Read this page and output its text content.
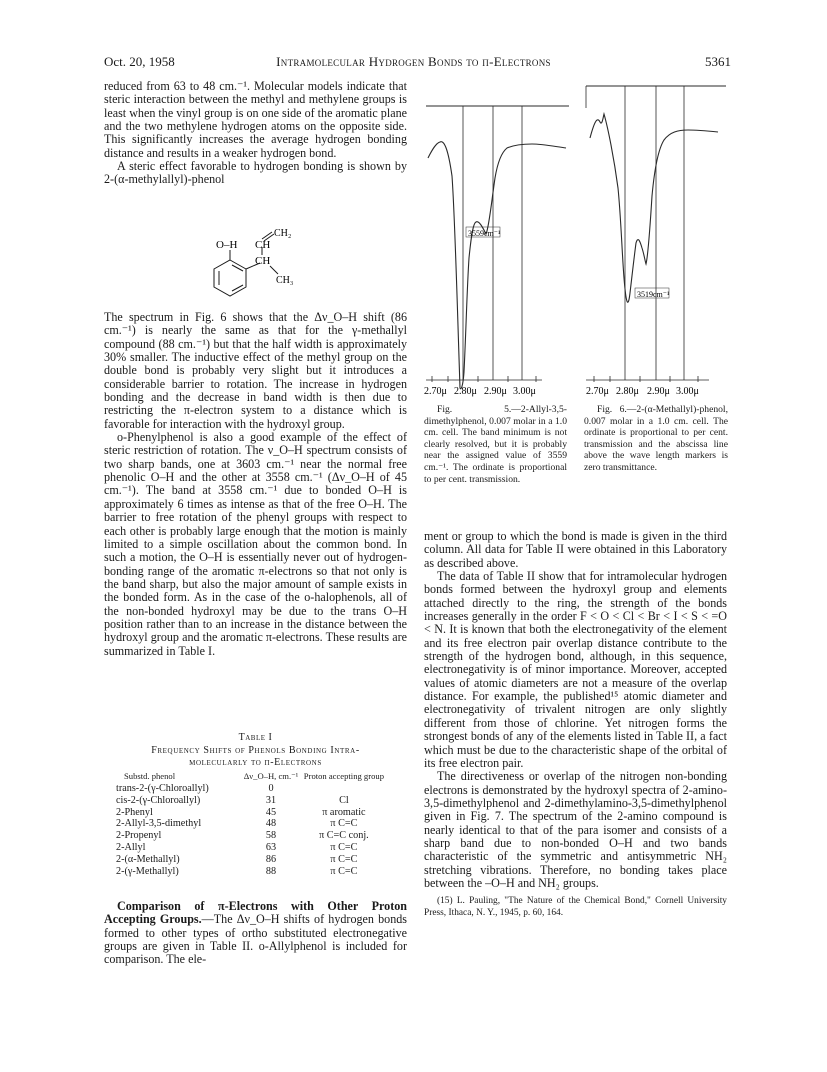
Oct. 20, 1958	Intramolecular Hydrogen Bonds to π-Electrons	5361

reduced from 63 to 48 cm.⁻¹. Molecular models indicate that steric interaction between the methyl and methylene groups is least when the vinyl group is on one side of the aromatic plane and the two methylene hydrogen atoms on the opposite side. This significantly increases the average hydrogen bonding distance and results in a weaker hydrogen bond.

A steric effect favorable to hydrogen bonding is shown by 2-(α-methylallyl)-phenol

O–H CH
CH₂
CH
CH₃

The spectrum in Fig. 6 shows that the Δν_O–H shift (86 cm.⁻¹) is nearly the same as that for the γ-methallyl compound (88 cm.⁻¹) but that the half width is approximately 30% smaller. The inductive effect of the methyl group on the double bond is probably very slight but it introduces a considerable barrier to rotation. The increase in hydrogen bonding and the decrease in band width is then due to restricting the π-electron system to a distance which is favorable for interaction with the hydroxyl group.

o-Phenylphenol is also a good example of the effect of steric restriction of rotation. The ν_O–H spectrum consists of two sharp bands, one at 3603 cm.⁻¹ near the normal free phenolic O–H and the other at 3558 cm.⁻¹ (Δν_O–H of 45 cm.⁻¹). The band at 3558 cm.⁻¹ due to bonded O–H is approximately 6 times as intense as that of the free O–H. The barrier to free rotation of the phenyl groups with respect to each other is probably large enough that the motion is mainly limited to a simple oscillation about the common bond. In such a motion, the O–H is essentially never out of hydrogen-bonding range of the aromatic π-electrons so that not only is the band sharp, but also the major amount of sample exists in the bonded form. As in the case of the o-halophenols, all of the non-bonded hydroxyl may be due to the trans O–H position rather than to an increase in the distance between the hydroxyl group and the aromatic π-electrons. These results are summarized in Table I.

Table I
Frequency Shifts of Phenols Bonding Intra-
molecularly to π-Electrons
Substd. phenol	Δν_O–H, cm.⁻¹	Proton accepting group
trans-2-(γ-Chloroallyl)	0	
cis-2-(γ-Chloroallyl)	31	Cl
2-Phenyl	45	π aromatic
2-Allyl-3,5-dimethyl	48	π C=C
2-Propenyl	58	π C=C conj.
2-Allyl	63	π C=C
2-(α-Methallyl)	86	π C=C
2-(γ-Methallyl)	88	π C=C

Comparison of π-Electrons with Other Proton Accepting Groups.—The Δν_O–H shifts of hydrogen bonds formed to other types of ortho substituted electronegative groups are given in Table II. o-Allylphenol is included for comparison. The ele-

3559cm⁻¹
2.70μ 2.80μ 2.90μ 3.00μ

Fig. 5.—2-Allyl-3,5-dimethylphenol, 0.007 molar in a 1.0 cm. cell. The band minimum is not clearly resolved, but it is probably near the assigned value of 3559 cm.⁻¹. The ordinate is proportional to per cent. transmission.

3519cm⁻¹
2.70μ 2.80μ 2.90μ 3.00μ

Fig. 6.—2-(α-Methallyl)-phenol, 0.007 molar in a 1.0 cm. cell. The ordinate is proportional to per cent. transmission and the abscissa line above the wave length markers is zero transmittance.

ment or group to which the bond is made is given in the third column. All data for Table II were obtained in this Laboratory as described above.

The data of Table II show that for intramolecular hydrogen bonds formed between the hydroxyl group and elements attached directly to the ring, the strength of the bonds increases generally in the order F < O < Cl < Br < I < S < =O < N. It is known that both the electronegativity of the element and its free electron pair overlap distance contribute to the strength of the hydrogen bond, although, in this sequence, electronegativity is of minor importance. Moreover, accepted values of atomic diameters are not a measure of the overlap distance. For example, the published¹⁵ atomic diameter and electronegativity of trivalent nitrogen are only slightly different from those of chlorine. Yet nitrogen forms the strongest bonds of any of the elements listed in Table II, a fact which must be due to the characteristic shape of the orbital of its free electron pair.

The directiveness or overlap of the nitrogen non-bonding electrons is demonstrated by the hydroxyl spectra of 2-amino-3,5-dimethylphenol and 2-dimethylamino-3,5-dimethylphenol given in Fig. 7. The spectrum of the 2-amino compound is nearly identical to that of the para isomer and consists of a sharp band due to non-bonded O–H and two bands characteristic of the symmetric and antisymmetric NH₂ stretching vibrations. Therefore, no bonding takes place between the –O–H and NH₂ groups.

(15) L. Pauling, "The Nature of the Chemical Bond," Cornell University Press, Ithaca, N. Y., 1945, p. 60, 164.
